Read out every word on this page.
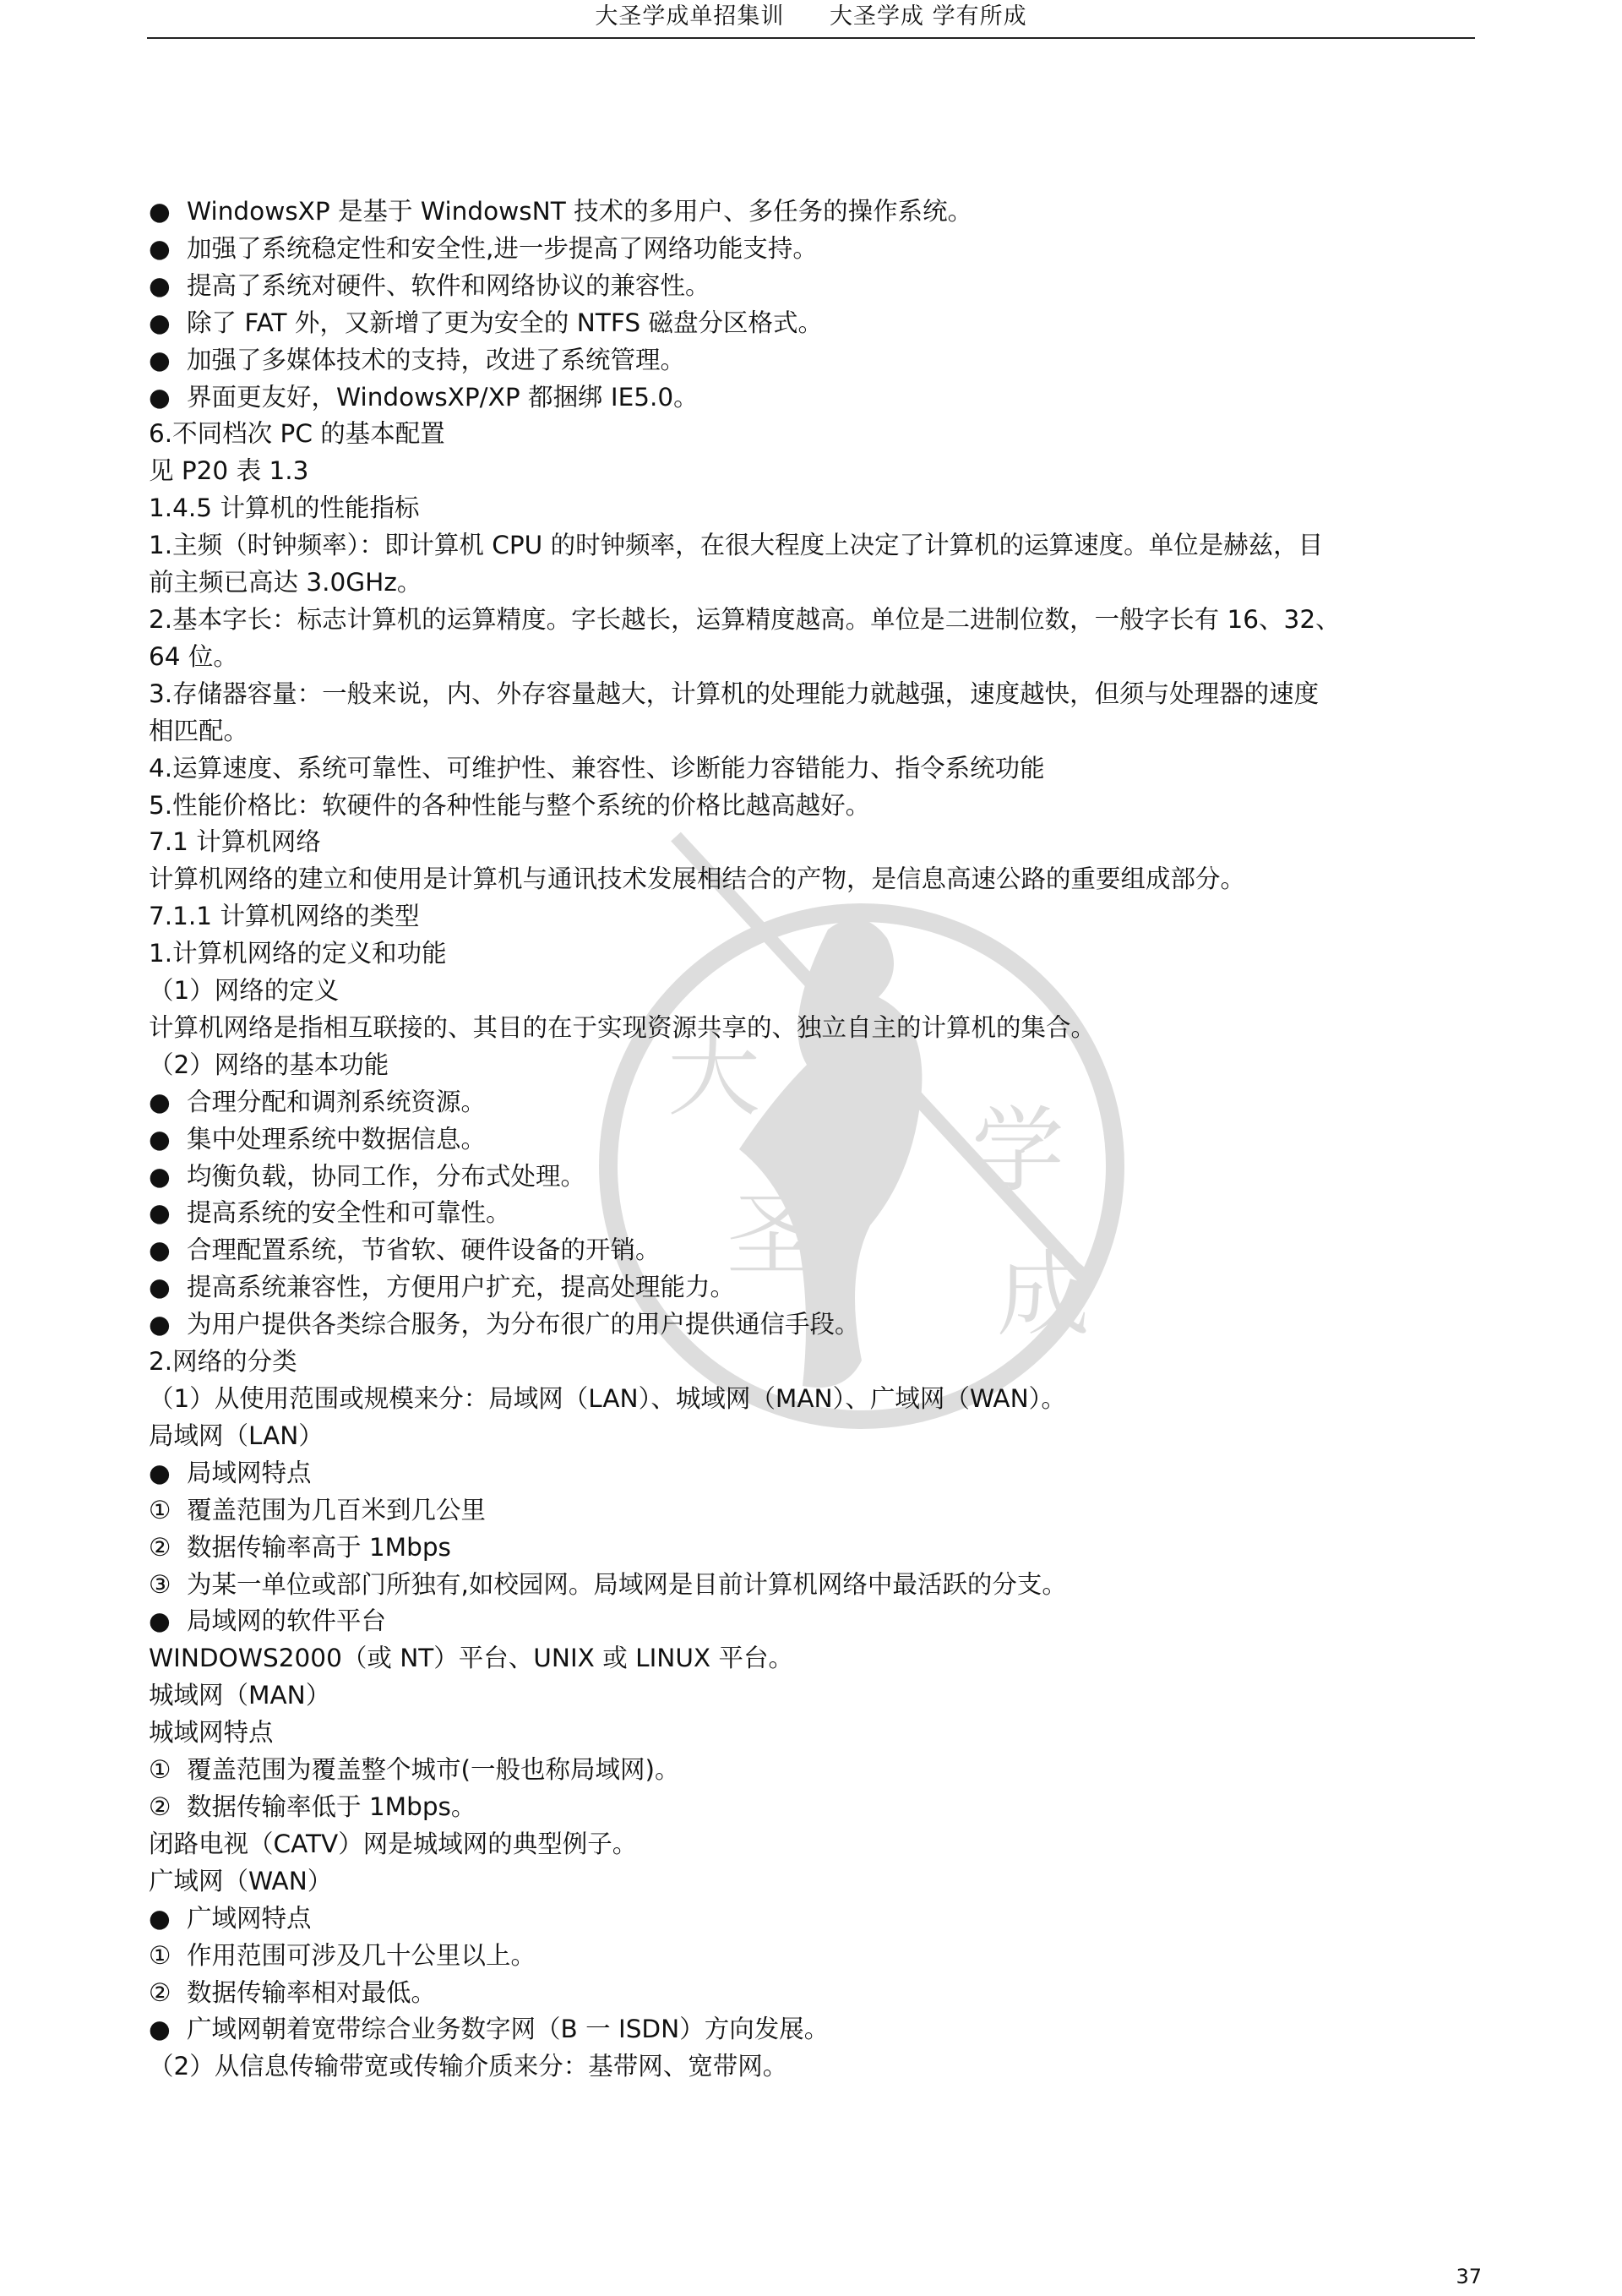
大圣学成单招集训 大圣学成 学有所成
大
圣
学
成
● WindowsXP 是基于 WindowsNT 技术的多用户、多任务的操作系统。
● 加强了系统稳定性和安全性,进一步提高了网络功能支持。
● 提高了系统对硬件、软件和网络协议的兼容性。
● 除了 FAT 外，又新增了更为安全的 NTFS 磁盘分区格式。
● 加强了多媒体技术的支持，改进了系统管理。
● 界面更友好，WindowsXP/XP 都捆绑 IE5.0。
6.不同档次 PC 的基本配置
见 P20 表 1.3
1.4.5 计算机的性能指标
1.主频（时钟频率）：即计算机 CPU 的时钟频率，在很大程度上决定了计算机的运算速度。单位是赫兹，目
前主频已高达 3.0GHz。
2.基本字长：标志计算机的运算精度。字长越长，运算精度越高。单位是二进制位数，一般字长有 16、32、
64 位。
3.存储器容量：一般来说，内、外存容量越大，计算机的处理能力就越强，速度越快，但须与处理器的速度
相匹配。
4.运算速度、系统可靠性、可维护性、兼容性、诊断能力容错能力、指令系统功能
5.性能价格比：软硬件的各种性能与整个系统的价格比越高越好。
7.1 计算机网络
计算机网络的建立和使用是计算机与通讯技术发展相结合的产物，是信息高速公路的重要组成部分。
7.1.1 计算机网络的类型
1.计算机网络的定义和功能
（1）网络的定义
计算机网络是指相互联接的、其目的在于实现资源共享的、独立自主的计算机的集合。
（2）网络的基本功能
● 合理分配和调剂系统资源。
● 集中处理系统中数据信息。
● 均衡负载，协同工作，分布式处理。
● 提高系统的安全性和可靠性。
● 合理配置系统，节省软、硬件设备的开销。
● 提高系统兼容性，方便用户扩充，提高处理能力。
● 为用户提供各类综合服务，为分布很广的用户提供通信手段。
2.网络的分类
（1）从使用范围或规模来分：局域网（LAN）、城域网（MAN）、广域网（WAN）。
局域网（LAN）
● 局域网特点
① 覆盖范围为几百米到几公里
② 数据传输率高于 1Mbps
③ 为某一单位或部门所独有,如校园网。局域网是目前计算机网络中最活跃的分支。
● 局域网的软件平台
WINDOWS2000（或 NT）平台、UNIX 或 LINUX 平台。
城域网（MAN）
城域网特点
① 覆盖范围为覆盖整个城市(一般也称局域网)。
② 数据传输率低于 1Mbps。
闭路电视（CATV）网是城域网的典型例子。
广域网（WAN）
● 广域网特点
① 作用范围可涉及几十公里以上。
② 数据传输率相对最低。
● 广域网朝着宽带综合业务数字网（B 一 ISDN）方向发展。
（2）从信息传输带宽或传输介质来分：基带网、宽带网。
37
